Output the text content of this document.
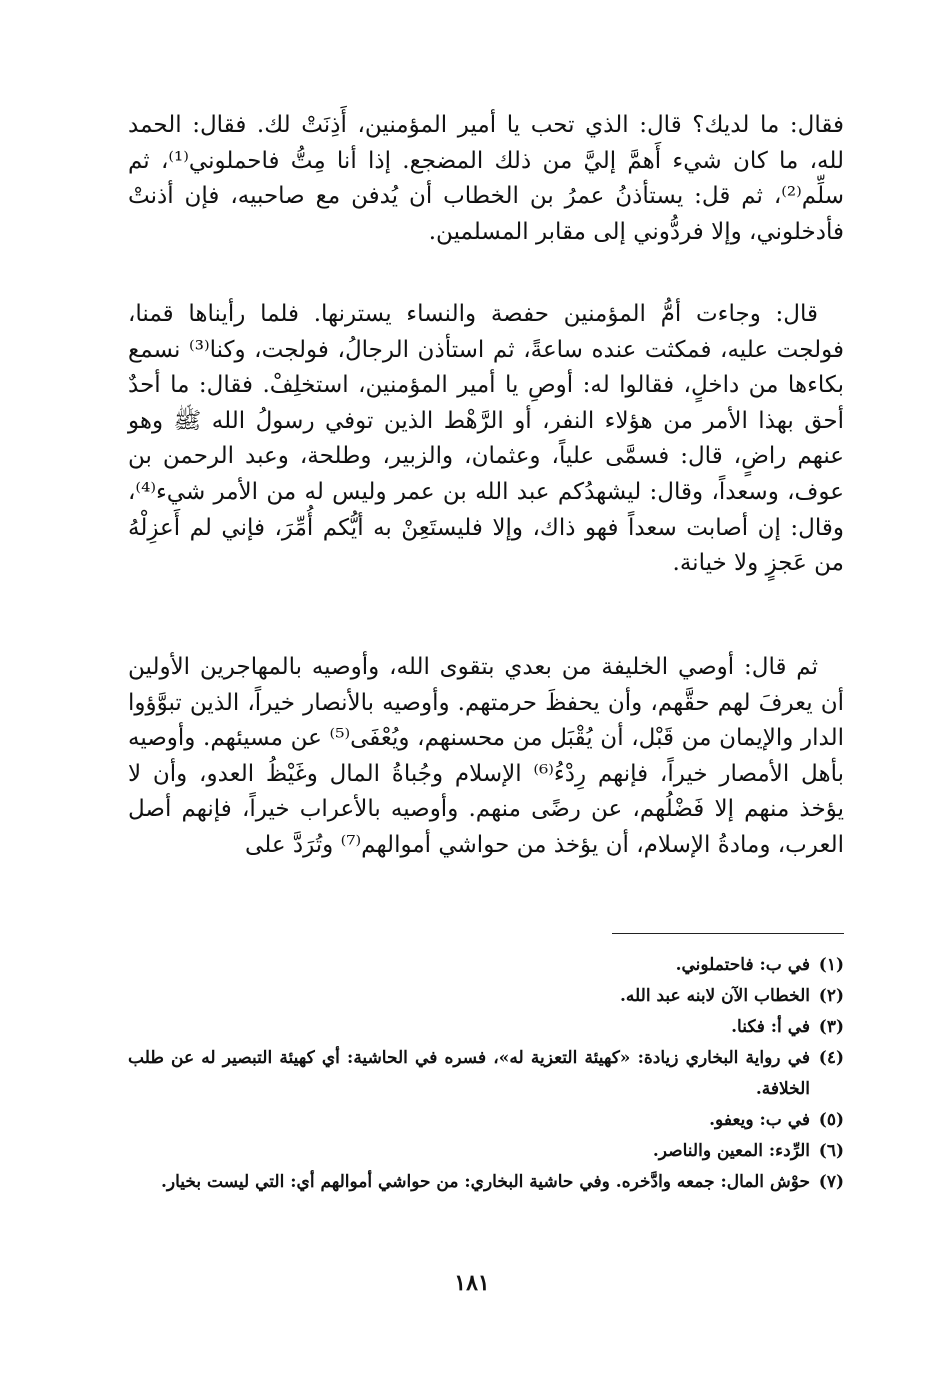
فقال: ما لديك؟ قال: الذي تحب يا أمير المؤمنين، أَذِنَتْ لك. فقال: الحمد لله، ما كان شيء أَهمَّ إليَّ من ذلك المضجع. إذا أنا مِتُّ فاحملوني⁽¹⁾، ثم سلِّم⁽²⁾، ثم قل: يستأذنُ عمرُ بن الخطاب أن يُدفن مع صاحبيه، فإن أذنتْ فأدخلوني، وإلا فردُّوني إلى مقابر المسلمين.

قال: وجاءت أمُّ المؤمنين حفصة والنساء يسترنها. فلما رأيناها قمنا، فولجت عليه، فمكثت عنده ساعةً، ثم استأذن الرجالُ، فولجت، وكنا⁽³⁾ نسمع بكاءها من داخلٍ، فقالوا له: أوصِ يا أمير المؤمنين، استخلِفْ. فقال: ما أحدٌ أحق بهذا الأمر من هؤلاء النفر، أو الرَّهْط الذين توفي رسولُ الله ﷺ وهو عنهم راضٍ، قال: فسمَّى علياً، وعثمان، والزبير، وطلحة، وعبد الرحمن بن عوف، وسعداً، وقال: ليشهدُكم عبد الله بن عمر وليس له من الأمر شيء⁽⁴⁾، وقال: إن أصابت سعداً فهو ذاك، وإلا فليستَعِنْ به أيُّكم أُمِّرَ، فإني لم أَعزِلْهُ من عَجزٍ ولا خيانة.

ثم قال: أوصي الخليفة من بعدي بتقوى الله، وأوصيه بالمهاجرين الأولين أن يعرفَ لهم حقَّهم، وأن يحفظَ حرمتهم. وأوصيه بالأنصار خيراً، الذين تبوَّؤوا الدار والإيمان من قَبْل، أن يُقْبَل من محسنهم، ويُعْفَى⁽⁵⁾ عن مسيئهم. وأوصيه بأهل الأمصار خيراً، فإنهم رِدْءُ⁽⁶⁾ الإسلام وجُباةُ المال وغَيْظُ العدو، وأن لا يؤخذ منهم إلا فَضْلُهم، عن رضًى منهم. وأوصيه بالأعراب خيراً، فإنهم أصل العرب، ومادةُ الإسلام، أن يؤخذ من حواشي أموالهم⁽⁷⁾ وتُرَدَّ على

(١)
في ب: فاحتملوني.
(٢)
الخطاب الآن لابنه عبد الله.
(٣)
في أ: فكنا.
(٤)
في رواية البخاري زيادة: «كهيئة التعزية له»، فسره في الحاشية: أي كهيئة التبصير له عن طلب الخلافة.
(٥)
في ب: ويعفو.
(٦)
الرِّدء: المعين والناصر.
(٧)
حوْش المال: جمعه وادَّخره. وفي حاشية البخاري: من حواشي أموالهم أي: التي ليست بخيار.
١٨١
